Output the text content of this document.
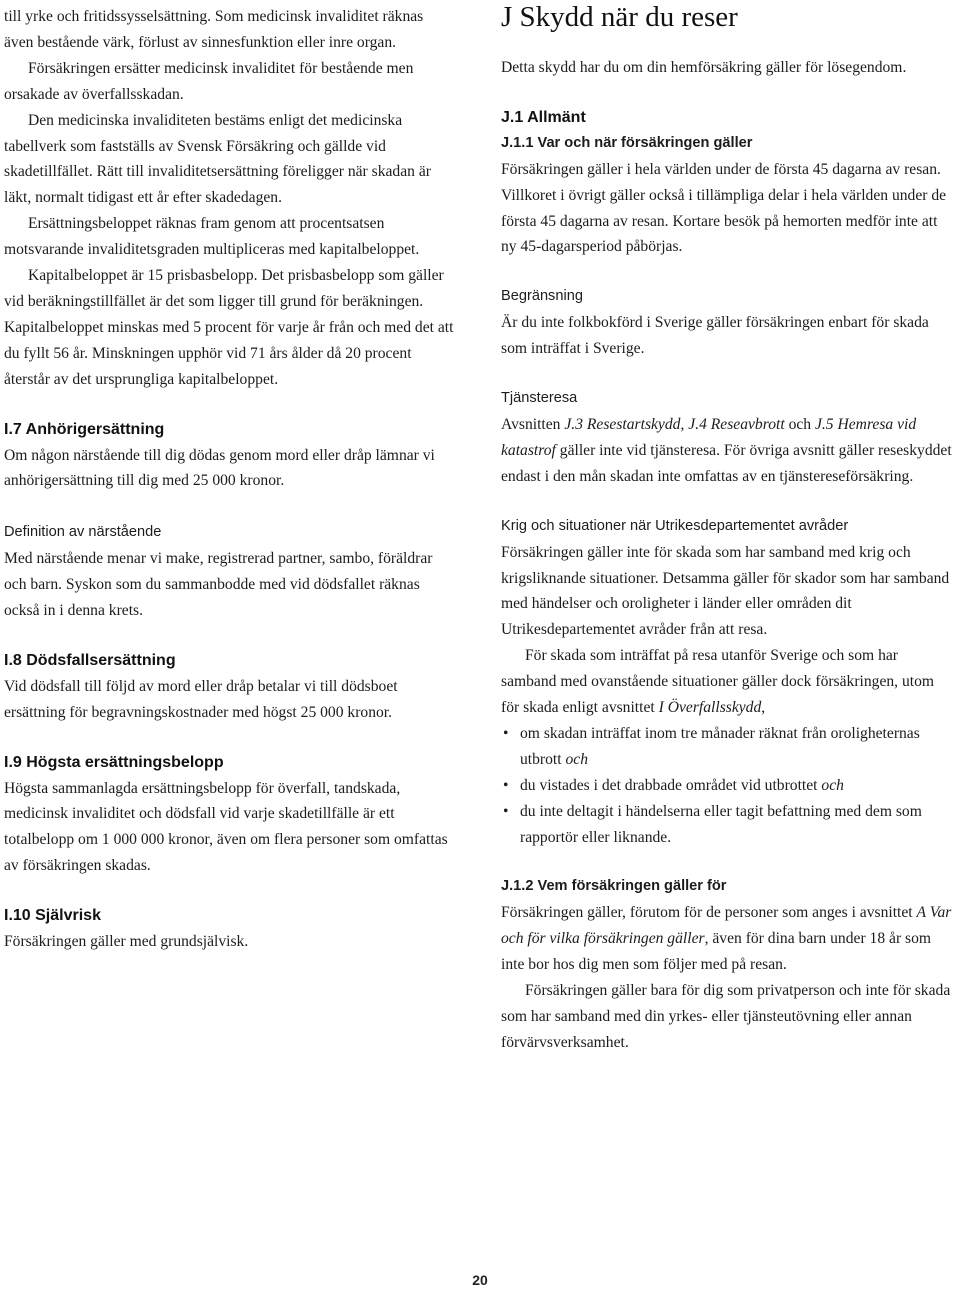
till yrke och fritidssysselsättning. Som medicinsk invaliditet räknas även bestående värk, förlust av sinnesfunktion eller inre organ.

Försäkringen ersätter medicinsk invaliditet för bestående men orsakade av överfallsskadan.

Den medicinska invaliditeten bestäms enligt det medicinska tabellverk som fastställs av Svensk Försäkring och gällde vid skadetillfället. Rätt till invaliditetsersättning föreligger när skadan är läkt, normalt tidigast ett år efter skadedagen.

Ersättningsbeloppet räknas fram genom att procentsatsen motsvarande invaliditetsgraden multipliceras med kapitalbeloppet.

Kapitalbeloppet är 15 prisbasbelopp. Det prisbasbelopp som gäller vid beräkningstillfället är det som ligger till grund för beräkningen. Kapitalbeloppet minskas med 5 procent för varje år från och med det att du fyllt 56 år. Minskningen upphör vid 71 års ålder då 20 procent återstår av det ursprungliga kapitalbeloppet.

I.7 Anhörigersättning

Om någon närstående till dig dödas genom mord eller dråp lämnar vi anhörigersättning till dig med 25 000 kronor.

Definition av närstående

Med närstående menar vi make, registrerad partner, sambo, föräldrar och barn. Syskon som du sammanbodde med vid dödsfallet räknas också in i denna krets.

I.8 Dödsfallsersättning

Vid dödsfall till följd av mord eller dråp betalar vi till dödsboet ersättning för begravningskostnader med högst 25 000 kronor.

I.9 Högsta ersättningsbelopp

Högsta sammanlagda ersättningsbelopp för överfall, tandskada, medicinsk invaliditet och dödsfall vid varje skadetillfälle är ett totalbelopp om 1 000 000 kronor, även om flera personer som omfattas av försäkringen skadas.

I.10 Självrisk

Försäkringen gäller med grundsjälvisk.

J Skydd när du reser

Detta skydd har du om din hemförsäkring gäller för lösegendom.

J.1 Allmänt
J.1.1 Var och när försäkringen gäller

Försäkringen gäller i hela världen under de första 45 dagarna av resan. Villkoret i övrigt gäller också i tillämpliga delar i hela världen under de första 45 dagarna av resan. Kortare besök på hemorten medför inte att ny 45-dagarsperiod påbörjas.

Begränsning

Är du inte folkbokförd i Sverige gäller försäkringen enbart för skada som inträffat i Sverige.

Tjänsteresa

Avsnitten J.3 Resestartskydd, J.4 Reseavbrott och J.5 Hemresa vid katastrof gäller inte vid tjänsteresa. För övriga avsnitt gäller reseskyddet endast i den mån skadan inte omfattas av en tjänstereseförsäkring.

Krig och situationer när Utrikesdepartementet avråder

Försäkringen gäller inte för skada som har samband med krig och krigsliknande situationer. Detsamma gäller för skador som har samband med händelser och oroligheter i länder eller områden dit Utrikesdepartementet avråder från att resa.

För skada som inträffat på resa utanför Sverige och som har samband med ovanstående situationer gäller dock försäkringen, utom för skada enligt avsnittet I Överfallsskydd,

• om skadan inträffat inom tre månader räknat från oroligheternas utbrott och
• du vistades i det drabbade området vid utbrottet och
• du inte deltagit i händelserna eller tagit befattning med dem som rapportör eller liknande.
J.1.2 Vem försäkringen gäller för

Försäkringen gäller, förutom för de personer som anges i avsnittet A Var och för vilka försäkringen gäller, även för dina barn under 18 år som inte bor hos dig men som följer med på resan.

Försäkringen gäller bara för dig som privatperson och inte för skada som har samband med din yrkes- eller tjänsteutövning eller annan förvärvsverksamhet.

20
